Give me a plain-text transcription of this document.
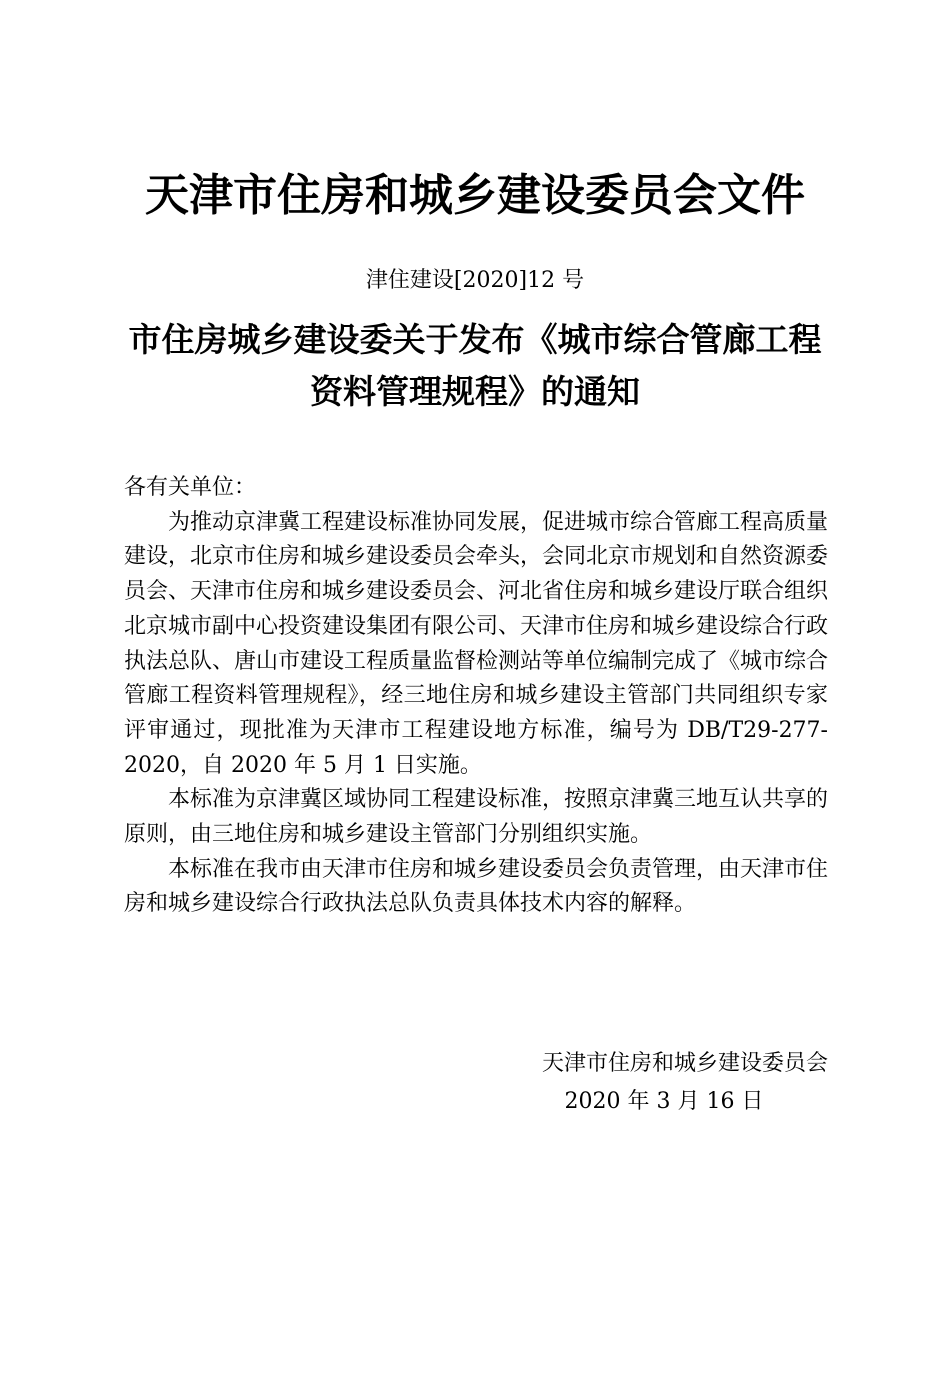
天津市住房和城乡建设委员会文件
津住建设[2020]12 号
市住房城乡建设委关于发布《城市综合管廊工程
资料管理规程》的通知

各有关单位：

为推动京津冀工程建设标准协同发展，促进城市综合管廊工程高质量建设，北京市住房和城乡建设委员会牵头，会同北京市规划和自然资源委员会、天津市住房和城乡建设委员会、河北省住房和城乡建设厅联合组织北京城市副中心投资建设集团有限公司、天津市住房和城乡建设综合行政执法总队、唐山市建设工程质量监督检测站等单位编制完成了《城市综合管廊工程资料管理规程》，经三地住房和城乡建设主管部门共同组织专家评审通过，现批准为天津市工程建设地方标准，编号为 DB/T29-277-2020，自 2020 年 5 月 1 日实施。

本标准为京津冀区域协同工程建设标准，按照京津冀三地互认共享的原则，由三地住房和城乡建设主管部门分别组织实施。

本标准在我市由天津市住房和城乡建设委员会负责管理，由天津市住房和城乡建设综合行政执法总队负责具体技术内容的解释。

天津市住房和城乡建设委员会
2020 年 3 月 16 日
